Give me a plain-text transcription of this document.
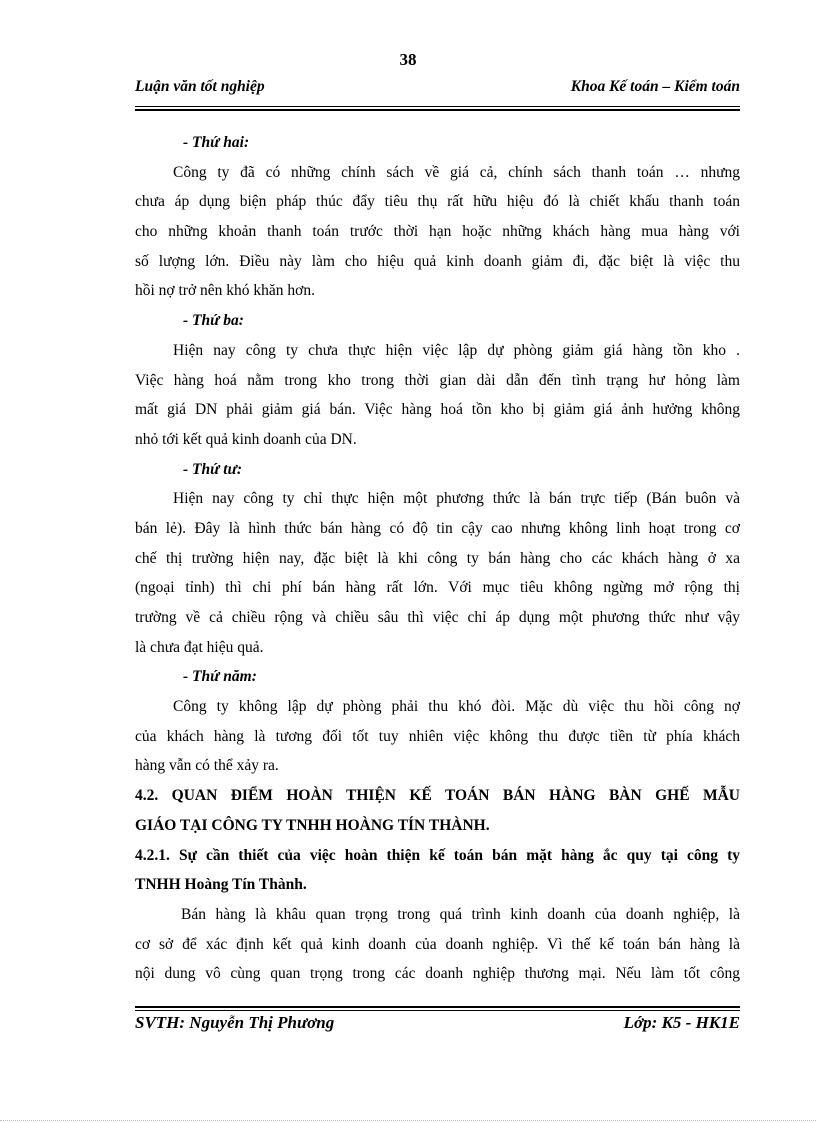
38
Luận văn tốt nghiệp	Khoa Kế toán – Kiểm toán
- Thứ hai:
Công ty đã có những chính sách về giá cả, chính sách thanh toán … nhưng
chưa áp dụng biện pháp thúc đẩy tiêu thụ rất hữu hiệu đó là chiết khấu thanh toán
cho những khoản thanh toán trước thời hạn hoặc những khách hàng mua hàng với
số lượng lớn. Điều này làm cho hiệu quả kinh doanh giảm đi, đặc biệt là việc thu
hồi nợ trở nên khó khăn hơn.
- Thứ ba:
Hiện nay công ty chưa thực hiện việc lập dự phòng giảm giá hàng tồn kho .
Việc hàng hoá nằm trong kho trong thời gian dài dẫn đến tình trạng hư hỏng làm
mất giá DN phải giảm giá bán. Việc hàng hoá tồn kho bị giảm giá ảnh hưởng không
nhỏ tới kết quả kinh doanh của DN.
- Thứ tư:
Hiện nay công ty chỉ thực hiện một phương thức là bán trực tiếp (Bán buôn và
bán lẻ). Đây là hình thức bán hàng có độ tin cậy cao nhưng không linh hoạt trong cơ
chế thị trường hiện nay, đặc biệt là khi công ty bán hàng cho các khách hàng ở xa
(ngoại tỉnh) thì chi phí bán hàng rất lớn. Với mục tiêu không ngừng mở rộng thị
trường về cả chiều rộng và chiều sâu thì việc chỉ áp dụng một phương thức như vậy
là chưa đạt hiệu quả.
- Thứ năm:
Công ty không lập dự phòng phải thu khó đòi. Mặc dù việc thu hồi công nợ
của khách hàng là tương đối tốt tuy nhiên việc không thu được tiền từ phía khách
hàng vẫn có thể xảy ra.
4.2. QUAN ĐIỂM HOÀN THIỆN KẾ TOÁN BÁN HÀNG BÀN GHẾ MẪU
GIÁO TẠI CÔNG TY TNHH HOÀNG TÍN THÀNH.
4.2.1. Sự cần thiết của việc hoàn thiện kế toán bán mặt hàng ắc quy tại công ty
TNHH Hoàng Tín Thành.
Bán hàng là khâu quan trọng trong quá trình kinh doanh của doanh nghiệp, là
cơ sở để xác định kết quả kinh doanh của doanh nghiệp. Vì thế kế toán bán hàng là
nội dung vô cùng quan trọng trong các doanh nghiệp thương mại. Nếu làm tốt công
SVTH: Nguyễn Thị Phương	Lớp: K5 - HK1E
